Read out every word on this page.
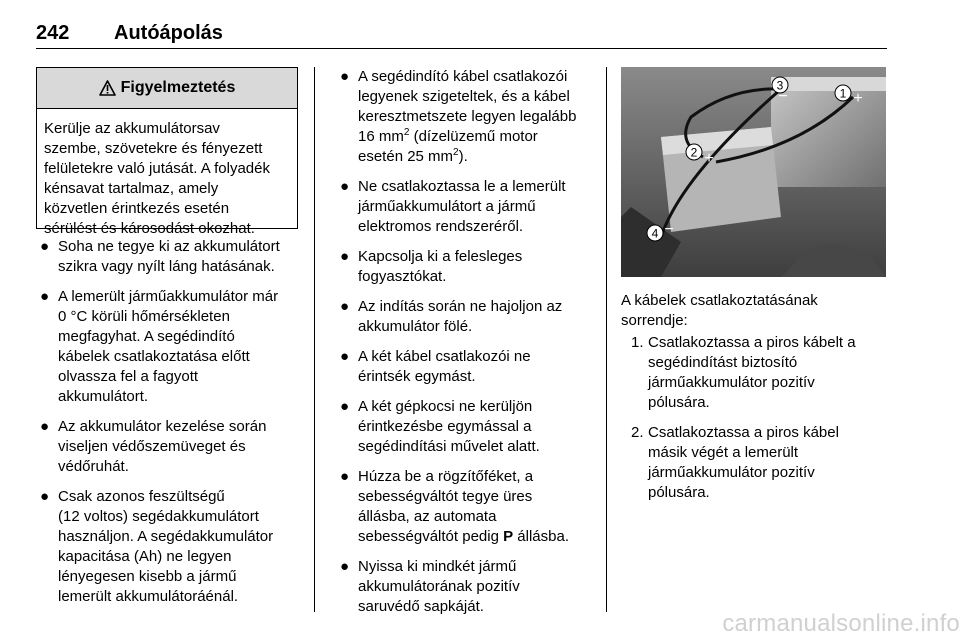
242 Autóápolás
Figyelmeztetés
Kerülje az akkumulátorsav
szembe, szövetekre és fényezett
felületekre való jutását. A folyadék
kénsavat tartalmaz, amely
közvetlen érintkezés esetén
sérülést és károsodást okozhat.
● Soha ne tegye ki az akkumulátort
szikra vagy nyílt láng hatásának.
● A lemerült járműakkumulátor már
0 °C körüli hőmérsékleten
megfagyhat. A segédindító
kábelek csatlakoztatása előtt
olvassza fel a fagyott
akkumulátort.
● Az akkumulátor kezelése során
viseljen védőszemüveget és
védőruhát.
● Csak azonos feszültségű
(12 voltos) segédakkumulátort
használjon. A segédakkumulátor
kapacitása (Ah) ne legyen
lényegesen kisebb a jármű
lemerült akkumulátoráénál.
● A segédindító kábel csatlakozói
legyenek szigeteltek, és a kábel
keresztmetszete legyen legalább
16 $mm^2$ (dízelüzemű motor
esetén 25 $mm^2$).
● Ne csatlakoztassa le a lemerült
járműakkumulátort a jármű
elektromos rendszeréről.
● Kapcsolja ki a felesleges
fogyasztókat.
● Az indítás során ne hajoljon az
akkumulátor fölé.
● A két kábel csatlakozói ne
érintsék egymást.
● A két gépkocsi ne kerüljön
érintkezésbe egymással a
segédindítási művelet alatt.
● Húzza be a rögzítőféket, a
sebességváltót tegye üres
állásba, az automata
sebességváltót pedig P állásba.
● Nyissa ki mindkét jármű
akkumulátorának pozitív
saruvédő sapkáját.
1 +
2 +
3
−
4 −
A kábelek csatlakoztatásának
sorrendje:
1. Csatlakoztassa a piros kábelt a
segédindítást biztosító
járműakkumulátor pozitív
pólusára.
2. Csatlakoztassa a piros kábel
másik végét a lemerült
járműakkumulátor pozitív
pólusára.
carmanualsonline.info
